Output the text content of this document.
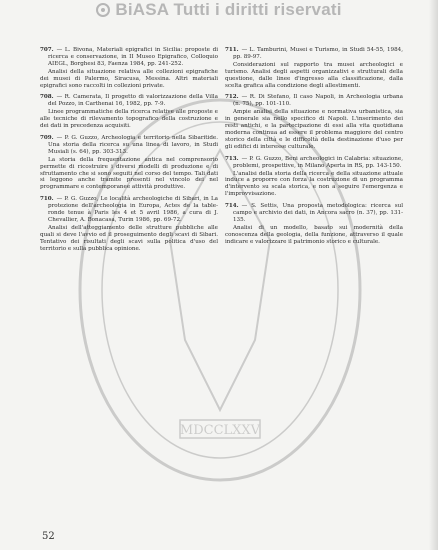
BiASA Tutti i diritti riservati
MDCCLXXV
707. — L. Bivona, Materiali epigrafici in Sicilia: proposte di ricerca e conservazione, in II Museo Epigrafico, Colloquio AIEGL, Borghesi 83, Faenza 1984, pp. 241-252.
Analisi della situazione relativa alle collezioni epigrafiche dei musei di Palermo, Siracusa, Messina. Altri materiali epigrafici sono raccolti in collezioni private.
708. — R. Camerata, Il progetto di valorizzazione della Villa del Pozzo, in Carthenai 16, 1982, pp. 7-9.
Linee programmatiche della ricerca relative alle proposte e alle tecniche di rilevamento topografico della costruzione e dei dati in precedenza acquisiti.
709. — P. G. Guzzo, Archeologia e territorio nella Sibaritide. Una storia della ricerca su una linea di lavoro, in Studi Musiali (s. 64), pp. 303-313.
La storia della frequentazione antica nel comprensorio permette di ricostruire i diversi modelli di produzione e di sfruttamento che si sono seguiti nel corso del tempo. Tali dati si leggono anche tramite presenti nel vincolo dei nel programmare e contemporanee attività produttive.
710. — P. G. Guzzo, Le località archeologiche di Sibari, in La protezione dell'archeologia in Europa, Actes de la table-ronde tenue à Paris les 4 et 5 avril 1986, a cura di J. Chevallier, A. Bonacasa, Turin 1986, pp. 69-72.
Analisi dell'atteggiamento delle strutture pubbliche alle quali si deve l'avvio ed il proseguimento degli scavi di Sibari. Tentativo dei risultati degli scavi sulla politica d'uso del territorio e sulla pubblica opinione.
711. — L. Tamburini, Musei e Turismo, in Studi 54-55, 1984, pp. 89-97.
Considerazioni sul rapporto tra musei archeologici e turismo. Analisi degli aspetti organizzativi e strutturali della questione, dalle linee d'ingresso alla classificazione, dalla scelta grafica alla condizione degli allestimenti.
712. — R. Di Stefano, Il caso Napoli, in Archeologia urbana (n. 75), pp. 101-110.
Ampie analisi della situazione e normativa urbanistica, sia in generale sia nello specifico di Napoli. L'inserimento dei resti antichi, e la partecipazione di essi alla vita quotidiana moderna continua ad essere il problema maggiore del centro storico della città e le difficoltà della destinazione d'uso per gli edifici di interesse culturale.
713. — P. G. Guzzo, Beni archeologici in Calabria: situazione, problemi, prospettive, in Milano Aperta in RS, pp. 143-150.
L'analisi della storia della ricerca e della situazione attuale induce a proporre con forza la costruzione di un programma d'intervento su scala storica, e non a seguire l'emergenza e l'improvvisazione.
714. — S. Settis, Una proposta metodologica: ricerca sul campo e archivio dei dati, in Ancora sacro (n. 37), pp. 131-135.
Analisi di un modello, basato sui modernità della conoscenza della geologia, della funzione, attraverso il quale indicare e valorizzare il patrimonio storico e culturale.
52
